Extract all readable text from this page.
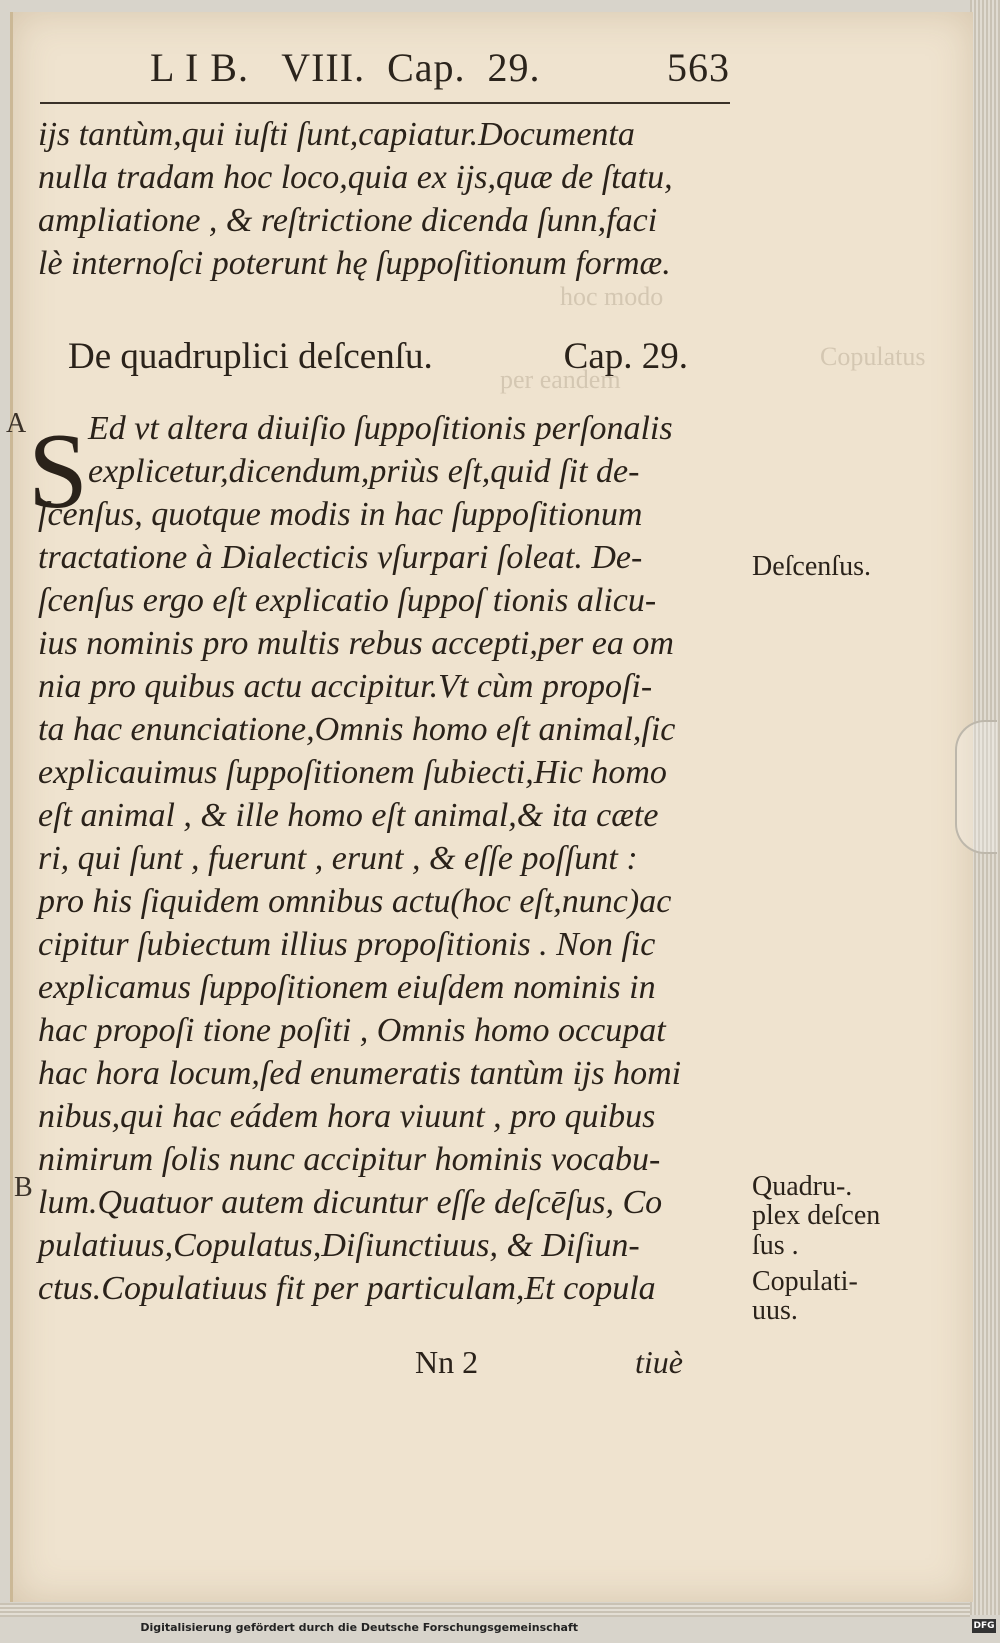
hoc modo
Copulatus
per eandem
L I B.   VIII.  Cap.  29.	563
ijs tantùm,qui iuſti ſunt,capiatur.Documenta
nulla tradam hoc loco,quia ex ijs,quæ de ſtatu,
ampliatione , & reſtrictione dicenda ſunn,faci
lè internoſci poterunt hę ſuppoſitionum formæ.
De quadruplici deſcenſu.	Cap. 29.
A S Ed vt altera diuiſio ſuppoſitionis perſonalis
explicetur,dicendum,priùs eſt,quid ſit de-
ſcenſus, quotque modis in hac ſuppoſitionum
tractatione à Dialecticis vſurpari ſoleat. De-
ſcenſus ergo eſt explicatio ſuppoſ tionis alicu-
ius nominis pro multis rebus accepti,per ea om
nia pro quibus actu accipitur.Vt cùm propoſi-
ta hac enunciatione,Omnis homo eſt animal,ſic
explicauimus ſuppoſitionem ſubiecti,Hic homo
eſt animal , & ille homo eſt animal,& ita cæte
ri, qui ſunt , fuerunt , erunt , & eſſe poſſunt :
pro his ſiquidem omnibus actu(hoc eſt,nunc)ac
cipitur ſubiectum illius propoſitionis . Non ſic
explicamus ſuppoſitionem eiuſdem nominis in
hac propoſi tione poſiti , Omnis homo occupat
hac hora locum,ſed enumeratis tantùm ijs homi
nibus,qui hac eádem hora viuunt , pro quibus
nimirum ſolis nunc accipitur hominis vocabu-
lum.Quatuor autem dicuntur eſſe deſcēſus, Co
pulatiuus,Copulatus,Diſiunctiuus, & Diſiun-
ctus.Copulatiuus fit per particulam,Et copula
B
Deſcenſus.
Quadru-.
plex deſcen
ſus .
Copulati-
uus.
Nn 2	tiuè
Digitalisierung gefördert durch die Deutsche Forschungsgemeinschaft	DFG
